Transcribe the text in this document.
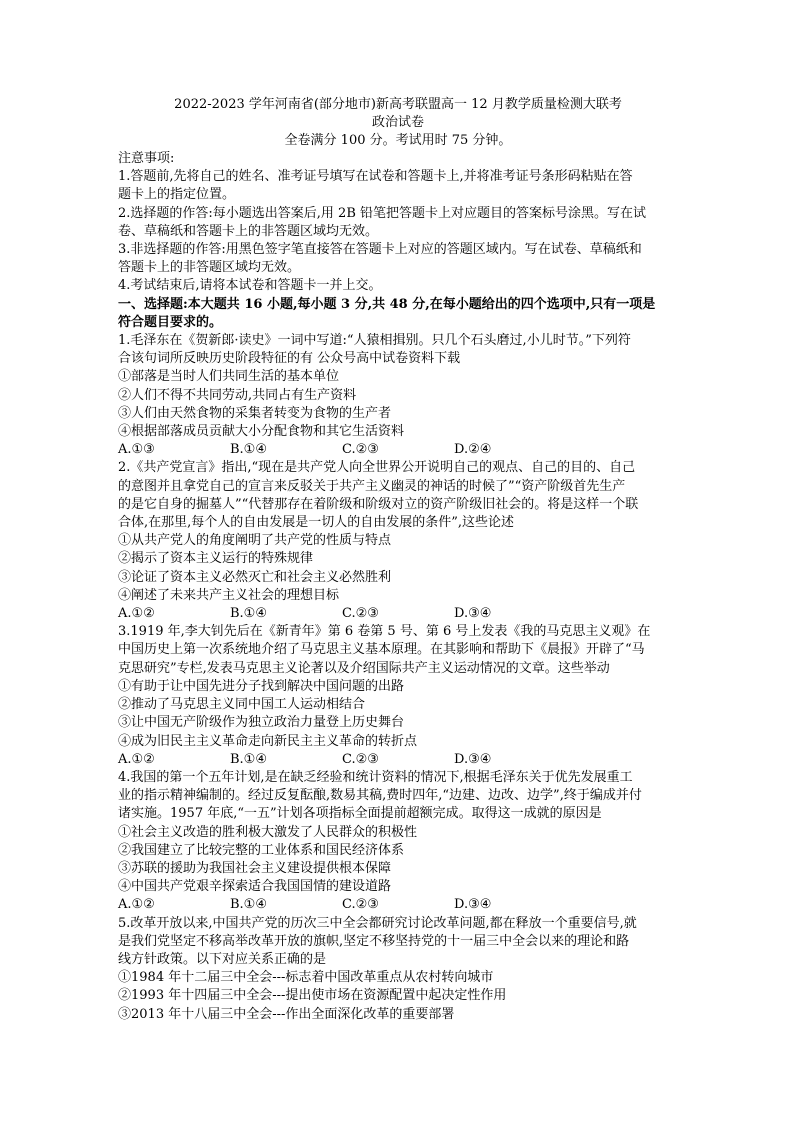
2022-2023 学年河南省(部分地市)新高考联盟高一 12 月教学质量检测大联考
政治试卷
全卷满分 100 分。考试用时 75 分钟。
注意事项:
1.答题前,先将自己的姓名、准考证号填写在试卷和答题卡上,并将准考证号条形码粘贴在答
题卡上的指定位置。
2.选择题的作答:每小题选出答案后,用 2B 铅笔把答题卡上对应题目的答案标号涂黑。写在试
卷、草稿纸和答题卡上的非答题区域均无效。
3.非选择题的作答:用黑色签字笔直接答在答题卡上对应的答题区域内。写在试卷、草稿纸和
答题卡上的非答题区域均无效。
4.考试结束后,请将本试卷和答题卡一并上交。
一、选择题:本大题共 16 小题,每小题 3 分,共 48 分,在每小题给出的四个选项中,只有一项是
符合题目要求的。
1.毛泽东在《贺新郎·读史》一词中写道:“人猿相揖别。只几个石头磨过,小儿时节。”下列符
合该句词所反映历史阶段特征的有 公众号高中试卷资料下载
①部落是当时人们共同生活的基本单位
②人们不得不共同劳动,共同占有生产资料
③人们由天然食物的采集者转变为食物的生产者
④根据部落成员贡献大小分配食物和其它生活资料
A.①③	B.①④	C.②③	D.②④
2.《共产党宣言》指出,“现在是共产党人向全世界公开说明自己的观点、自己的目的、自己
的意图并且拿党自己的宣言来反驳关于共产主义幽灵的神话的时候了”“资产阶级首先生产
的是它自身的掘墓人”“代替那存在着阶级和阶级对立的资产阶级旧社会的。将是这样一个联
合体,在那里,每个人的自由发展是一切人的自由发展的条件”,这些论述
①从共产党人的角度阐明了共产党的性质与特点
②揭示了资本主义运行的特殊规律
③论证了资本主义必然灭亡和社会主义必然胜利
④阐述了未来共产主义社会的理想目标
A.①②	B.①④	C.②③	D.③④
3.1919 年,李大钊先后在《新青年》第 6 卷第 5 号、第 6 号上发表《我的马克思主义观》在
中国历史上第一次系统地介绍了马克思主义基本原理。在其影响和帮助下《晨报》开辟了“马
克思研究”专栏,发表马克思主义论著以及介绍国际共产主义运动情况的文章。这些举动
①有助于让中国先进分子找到解决中国问题的出路
②推动了马克思主义同中国工人运动相结合
③让中国无产阶级作为独立政治力量登上历史舞台
④成为旧民主主义革命走向新民主主义革命的转折点
A.①②	B.①④	C.②③	D.③④
4.我国的第一个五年计划,是在缺乏经验和统计资料的情况下,根据毛泽东关于优先发展重工
业的指示精神编制的。经过反复酝酿,数易其稿,费时四年,“边建、边改、边学”,终于编成并付
诸实施。1957 年底,“一五”计划各项指标全面提前超额完成。取得这一成就的原因是
①社会主义改造的胜利极大激发了人民群众的积极性
②我国建立了比较完整的工业体系和国民经济体系
③苏联的援助为我国社会主义建设提供根本保障
④中国共产党艰辛探索适合我国国情的建设道路
A.①②	B.①④	C.②③	D.③④
5.改革开放以来,中国共产党的历次三中全会都研究讨论改革问题,都在释放一个重要信号,就
是我们党坚定不移高举改革开放的旗帜,坚定不移坚持党的十一届三中全会以来的理论和路
线方针政策。以下对应关系正确的是
①1984 年十二届三中全会---标志着中国改革重点从农村转向城市
②1993 年十四届三中全会---提出使市场在资源配置中起决定性作用
③2013 年十八届三中全会---作出全面深化改革的重要部署
